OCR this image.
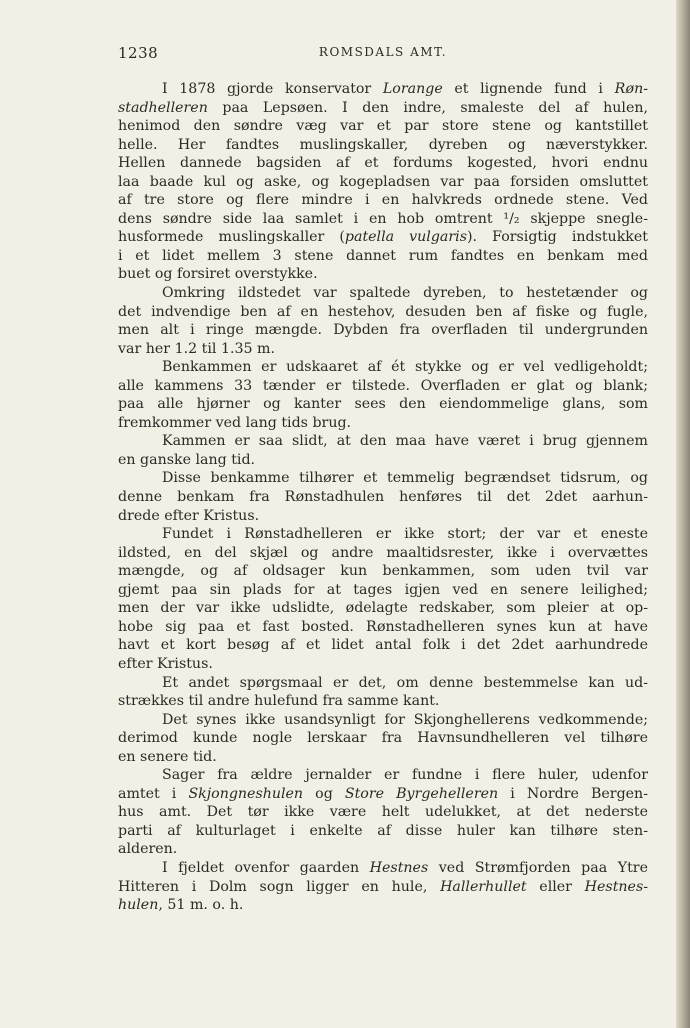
1238	ROMSDALS AMT.
I 1878 gjorde konservator Lorange et lignende fund i Røn-
stadhelleren paa Lepsøen. I den indre, smaleste del af hulen,
henimod den søndre væg var et par store stene og kantstillet
helle. Her fandtes muslingskaller, dyreben og næverstykker.
Hellen dannede bagsiden af et fordums kogested, hvori endnu
laa baade kul og aske, og kogepladsen var paa forsiden omsluttet
af tre store og flere mindre i en halvkreds ordnede stene. Ved
dens søndre side laa samlet i en hob omtrent ¹/₂ skjeppe snegle-
husformede muslingskaller (patella vulgaris). Forsigtig indstukket
i et lidet mellem 3 stene dannet rum fandtes en benkam med
buet og forsiret overstykke.
Omkring ildstedet var spaltede dyreben, to hestetænder og
det indvendige ben af en hestehov, desuden ben af fiske og fugle,
men alt i ringe mængde. Dybden fra overfladen til undergrunden
var her 1.2 til 1.35 m.
Benkammen er udskaaret af ét stykke og er vel vedligeholdt;
alle kammens 33 tænder er tilstede. Overfladen er glat og blank;
paa alle hjørner og kanter sees den eiendommelige glans, som
fremkommer ved lang tids brug.
Kammen er saa slidt, at den maa have været i brug gjennem
en ganske lang tid.
Disse benkamme tilhører et temmelig begrændset tidsrum, og
denne benkam fra Rønstadhulen henføres til det 2det aarhun-
drede efter Kristus.
Fundet i Rønstadhelleren er ikke stort; der var et eneste
ildsted, en del skjæl og andre maaltidsrester, ikke i overvættes
mængde, og af oldsager kun benkammen, som uden tvil var
gjemt paa sin plads for at tages igjen ved en senere leilighed;
men der var ikke udslidte, ødelagte redskaber, som pleier at op-
hobe sig paa et fast bosted. Rønstadhelleren synes kun at have
havt et kort besøg af et lidet antal folk i det 2det aarhundrede
efter Kristus.
Et andet spørgsmaal er det, om denne bestemmelse kan ud-
strækkes til andre hulefund fra samme kant.
Det synes ikke usandsynligt for Skjonghellerens vedkommende;
derimod kunde nogle lerskaar fra Havnsundhelleren vel tilhøre
en senere tid.
Sager fra ældre jernalder er fundne i flere huler, udenfor
amtet i Skjongneshulen og Store Byrgehelleren i Nordre Bergen-
hus amt. Det tør ikke være helt udelukket, at det nederste
parti af kulturlaget i enkelte af disse huler kan tilhøre sten-
alderen.
I fjeldet ovenfor gaarden Hestnes ved Strømfjorden paa Ytre
Hitteren i Dolm sogn ligger en hule, Hallerhullet eller Hestnes-
hulen, 51 m. o. h.
